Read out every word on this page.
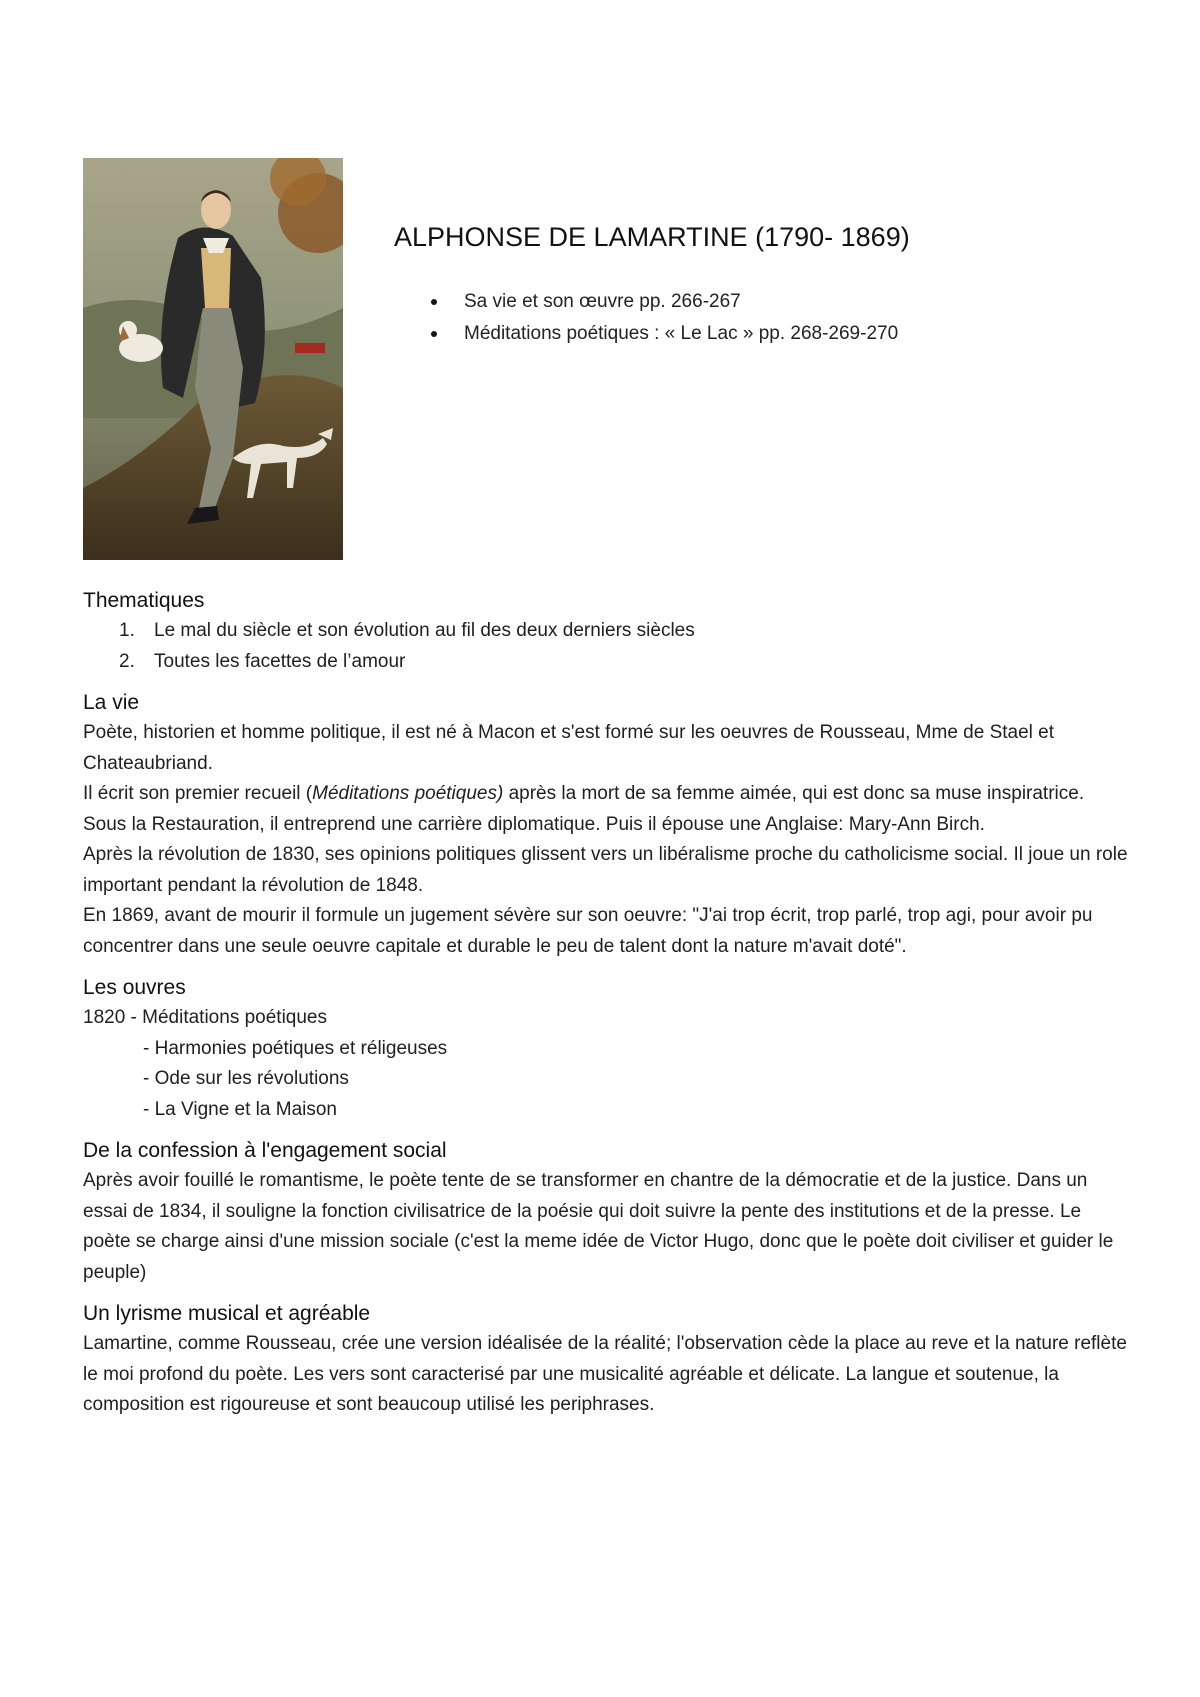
ALPHONSE DE LAMARTINE (1790- 1869)
Sa vie et son œuvre pp. 266-267
Méditations poétiques : « Le Lac » pp. 268-269-270
Thematiques
1. Le mal du siècle et son évolution au fil des deux derniers siècles
2. Toutes les facettes de l’amour
La vie

Poète, historien et homme politique, il est né à Macon et s'est formé sur les oeuvres de Rousseau, Mme de Stael et Chateaubriand.

Il écrit son premier recueil (Méditations poétiques) après la mort de sa femme aimée, qui est donc sa muse inspiratrice. Sous la Restauration, il entreprend une carrière diplomatique. Puis il épouse une Anglaise: Mary-Ann Birch.

Après la révolution de 1830, ses opinions politiques glissent vers un libéralisme proche du catholicisme social. Il joue un role important pendant la révolution de 1848.

En 1869, avant de mourir il formule un jugement sévère sur son oeuvre: "J'ai trop écrit, trop parlé, trop agi, pour avoir pu concentrer dans une seule oeuvre capitale et durable le peu de talent dont la nature m'avait doté".

Les ouvres

1820 - Méditations poétiques

- Harmonies poétiques et réligeuses

- Ode sur les révolutions

- La Vigne et la Maison

De la confession à l'engagement social

Après avoir fouillé le romantisme, le poète tente de se transformer en chantre de la démocratie et de la justice. Dans un essai de 1834, il souligne la fonction civilisatrice de la poésie qui doit suivre la pente des institutions et de la presse. Le poète se charge ainsi d'une mission sociale (c'est la meme idée de Victor Hugo, donc que le poète doit civiliser et guider le peuple)

Un lyrisme musical et agréable

Lamartine, comme Rousseau, crée une version idéalisée de la réalité; l'observation cède la place au reve et la nature reflète le moi profond du poète. Les vers sont caracterisé par une musicalité agréable et délicate. La langue et soutenue, la composition est rigoureuse et sont beaucoup utilisé les periphrases.
